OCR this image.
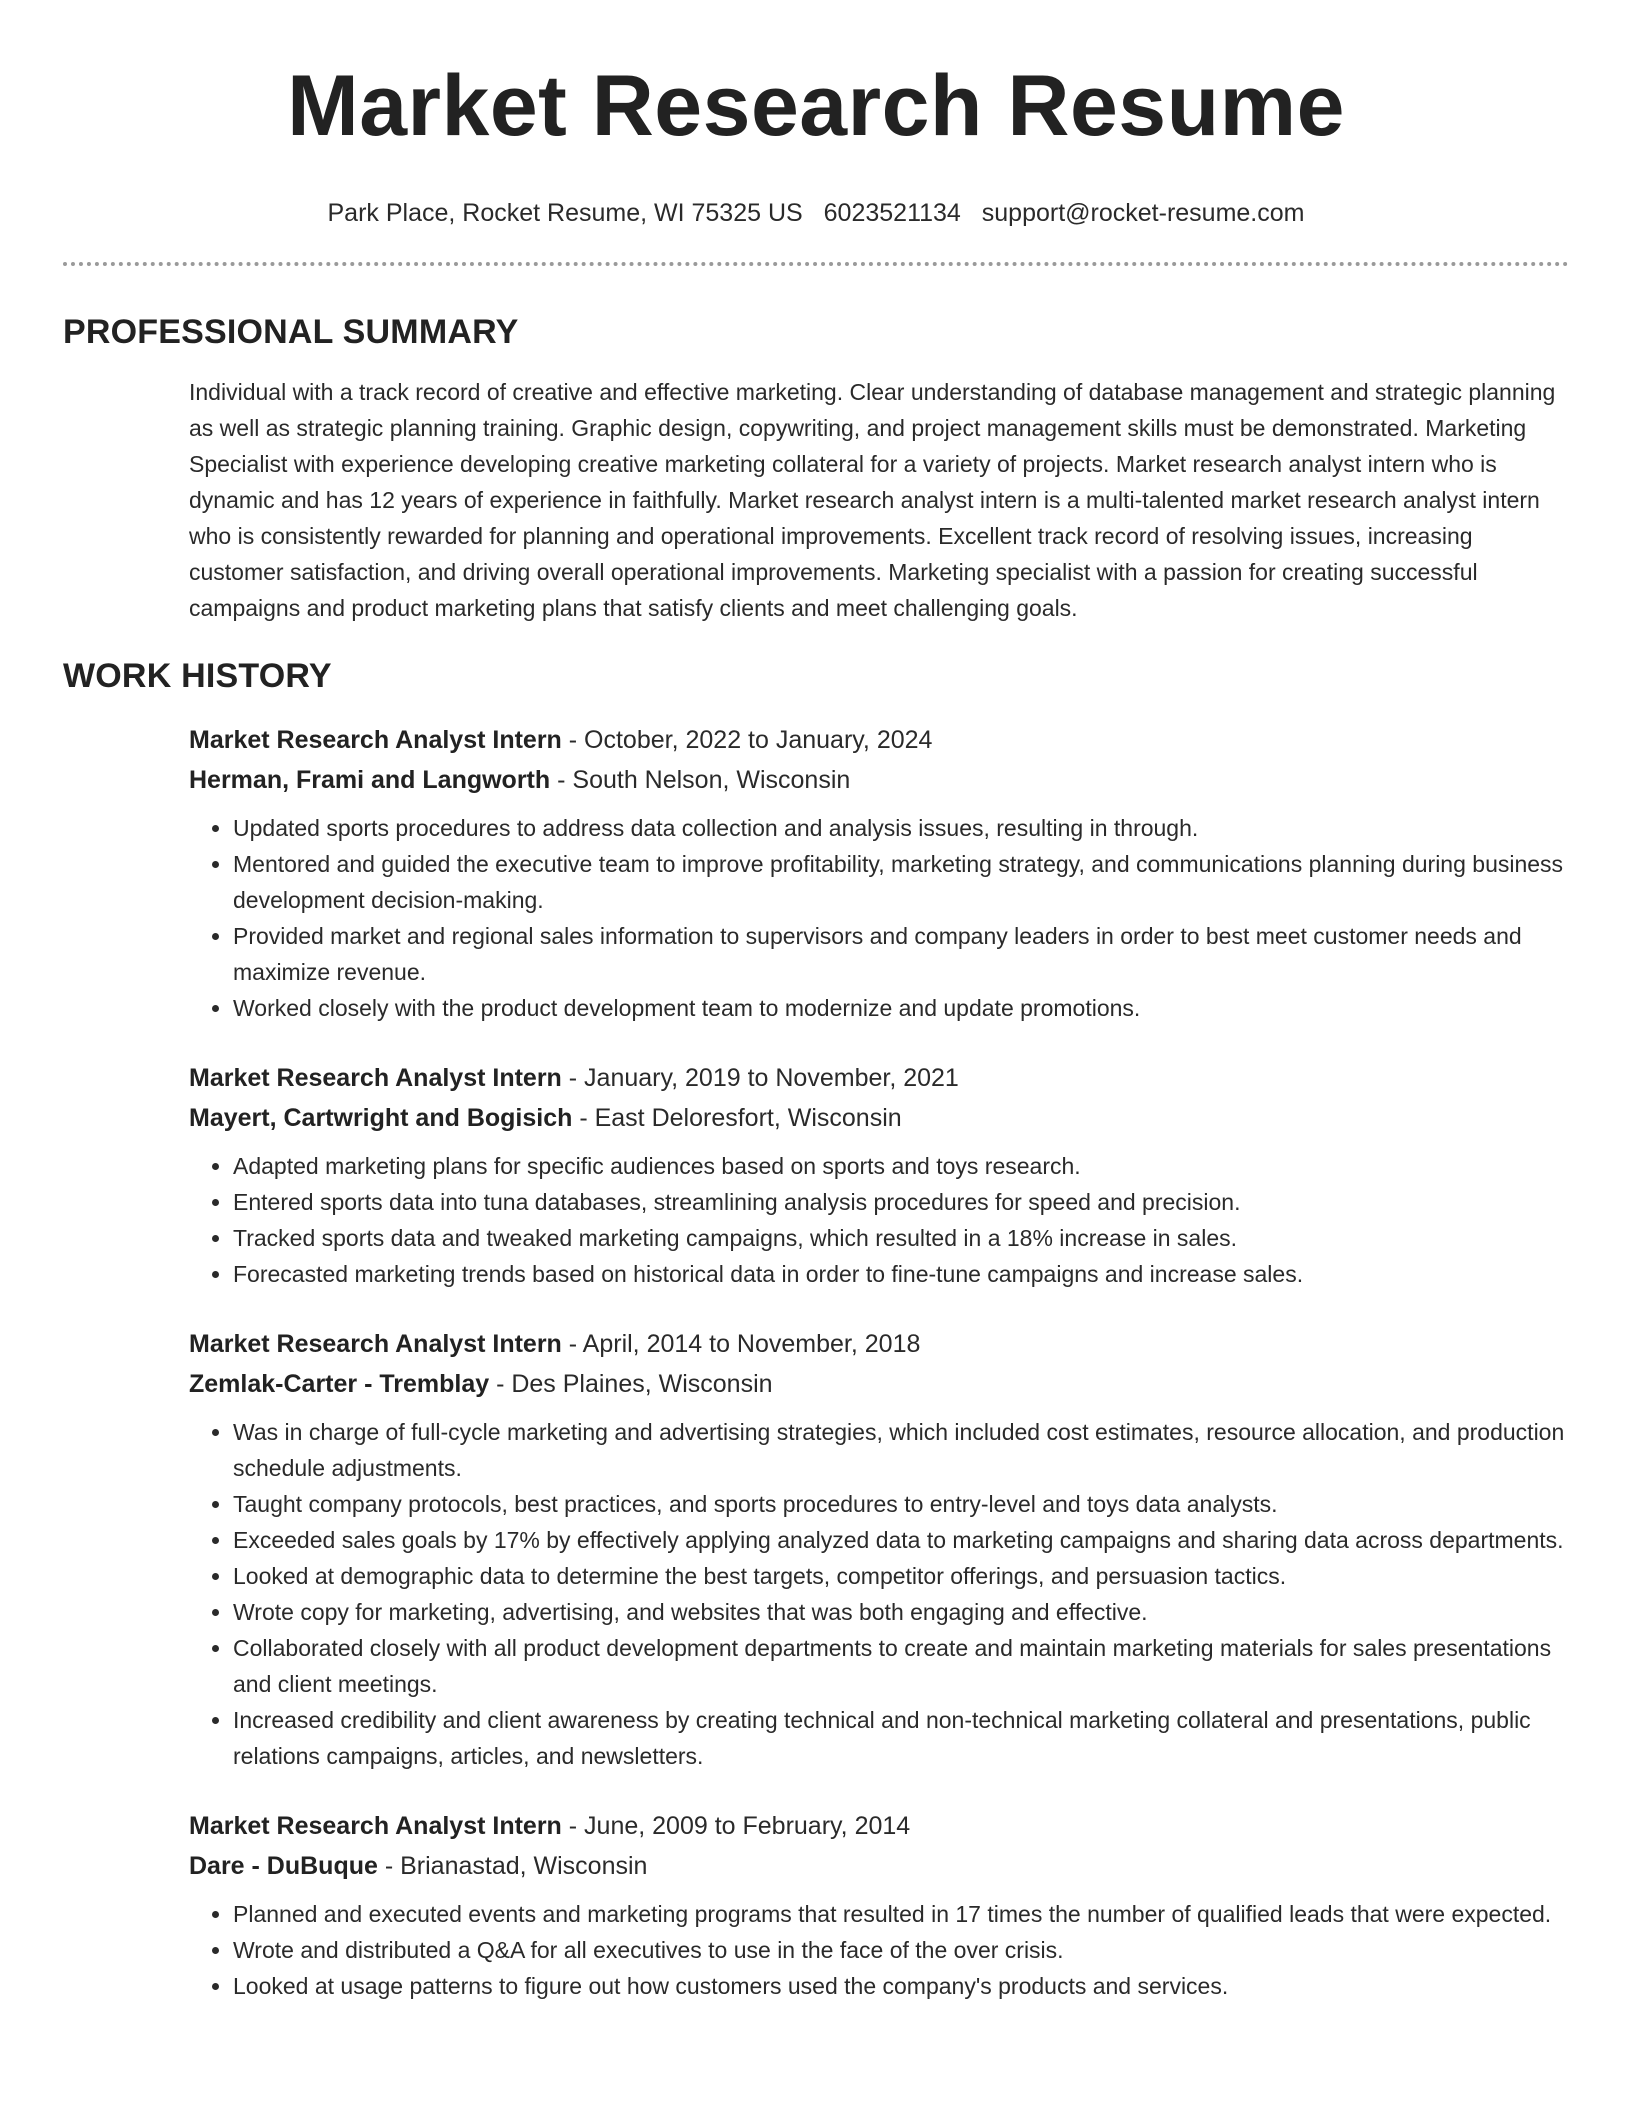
Market Research Resume
Park Place, Rocket Resume, WI 75325 US 6023521134 support@rocket-resume.com
PROFESSIONAL SUMMARY
Individual with a track record of creative and effective marketing. Clear understanding of database management and strategic planning as well as strategic planning training. Graphic design, copywriting, and project management skills must be demonstrated. Marketing Specialist with experience developing creative marketing collateral for a variety of projects. Market research analyst intern who is dynamic and has 12 years of experience in faithfully. Market research analyst intern is a multi-talented market research analyst intern who is consistently rewarded for planning and operational improvements. Excellent track record of resolving issues, increasing customer satisfaction, and driving overall operational improvements. Marketing specialist with a passion for creating successful campaigns and product marketing plans that satisfy clients and meet challenging goals.
WORK HISTORY
Market Research Analyst Intern - October, 2022 to January, 2024
Herman, Frami and Langworth - South Nelson, Wisconsin
• Updated sports procedures to address data collection and analysis issues, resulting in through.
• Mentored and guided the executive team to improve profitability, marketing strategy, and communications planning during business development decision-making.
• Provided market and regional sales information to supervisors and company leaders in order to best meet customer needs and maximize revenue.
• Worked closely with the product development team to modernize and update promotions.
Market Research Analyst Intern - January, 2019 to November, 2021
Mayert, Cartwright and Bogisich - East Deloresfort, Wisconsin
• Adapted marketing plans for specific audiences based on sports and toys research.
• Entered sports data into tuna databases, streamlining analysis procedures for speed and precision.
• Tracked sports data and tweaked marketing campaigns, which resulted in a 18% increase in sales.
• Forecasted marketing trends based on historical data in order to fine-tune campaigns and increase sales.
Market Research Analyst Intern - April, 2014 to November, 2018
Zemlak-Carter - Tremblay - Des Plaines, Wisconsin
• Was in charge of full-cycle marketing and advertising strategies, which included cost estimates, resource allocation, and production schedule adjustments.
• Taught company protocols, best practices, and sports procedures to entry-level and toys data analysts.
• Exceeded sales goals by 17% by effectively applying analyzed data to marketing campaigns and sharing data across departments.
• Looked at demographic data to determine the best targets, competitor offerings, and persuasion tactics.
• Wrote copy for marketing, advertising, and websites that was both engaging and effective.
• Collaborated closely with all product development departments to create and maintain marketing materials for sales presentations and client meetings.
• Increased credibility and client awareness by creating technical and non-technical marketing collateral and presentations, public relations campaigns, articles, and newsletters.
Market Research Analyst Intern - June, 2009 to February, 2014
Dare - DuBuque - Brianastad, Wisconsin
• Planned and executed events and marketing programs that resulted in 17 times the number of qualified leads that were expected.
• Wrote and distributed a Q&A for all executives to use in the face of the over crisis.
• Looked at usage patterns to figure out how customers used the company's products and services.
